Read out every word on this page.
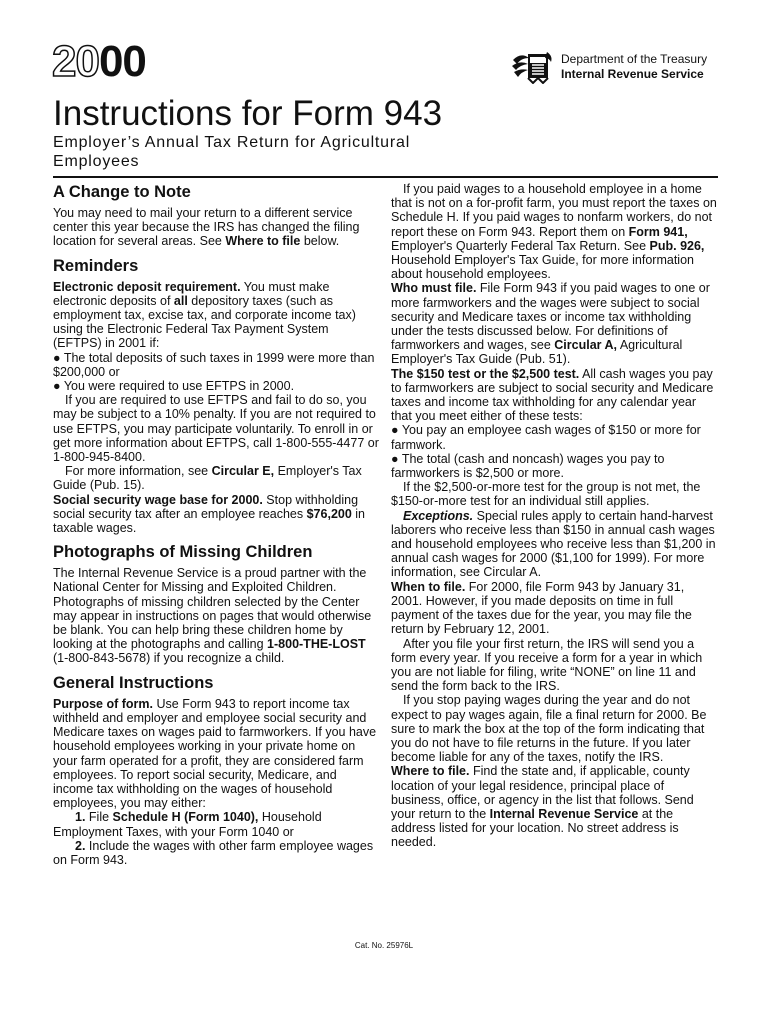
2000	Department of the Treasury
Internal Revenue Service
Instructions for Form 943
Employer’s Annual Tax Return for Agricultural Employees
A Change to Note

You may need to mail your return to a different service center this year because the IRS has changed the filing location for several areas. See Where to file below.

Reminders

Electronic deposit requirement. You must make electronic deposits of all depository taxes (such as employment tax, excise tax, and corporate income tax) using the Electronic Federal Tax Payment System (EFTPS) in 2001 if:

● The total deposits of such taxes in 1999 were more than $200,000 or

● You were required to use EFTPS in 2000.

If you are required to use EFTPS and fail to do so, you may be subject to a 10% penalty. If you are not required to use EFTPS, you may participate voluntarily. To enroll in or get more information about EFTPS, call 1-800-555-4477 or 1-800-945-8400.

For more information, see Circular E, Employer's Tax Guide (Pub. 15).

Social security wage base for 2000. Stop withholding social security tax after an employee reaches $76,200 in taxable wages.

Photographs of Missing Children

The Internal Revenue Service is a proud partner with the National Center for Missing and Exploited Children. Photographs of missing children selected by the Center may appear in instructions on pages that would otherwise be blank. You can help bring these children home by looking at the photographs and calling 1-800-THE-LOST (1-800-843-5678) if you recognize a child.

General Instructions

Purpose of form. Use Form 943 to report income tax withheld and employer and employee social security and Medicare taxes on wages paid to farmworkers. If you have household employees working in your private home on your farm operated for a profit, they are considered farm employees. To report social security, Medicare, and income tax withholding on the wages of household employees, you may either:

1. File Schedule H (Form 1040), Household Employment Taxes, with your Form 1040 or

2. Include the wages with other farm employee wages on Form 943.

If you paid wages to a household employee in a home that is not on a for-profit farm, you must report the taxes on Schedule H. If you paid wages to nonfarm workers, do not report these on Form 943. Report them on Form 941, Employer's Quarterly Federal Tax Return. See Pub. 926, Household Employer's Tax Guide, for more information about household employees.

Who must file. File Form 943 if you paid wages to one or more farmworkers and the wages were subject to social security and Medicare taxes or income tax withholding under the tests discussed below. For definitions of farmworkers and wages, see Circular A, Agricultural Employer's Tax Guide (Pub. 51).

The $150 test or the $2,500 test. All cash wages you pay to farmworkers are subject to social security and Medicare taxes and income tax withholding for any calendar year that you meet either of these tests:

● You pay an employee cash wages of $150 or more for farmwork.

● The total (cash and noncash) wages you pay to farmworkers is $2,500 or more.

If the $2,500-or-more test for the group is not met, the $150-or-more test for an individual still applies.

Exceptions. Special rules apply to certain hand-harvest laborers who receive less than $150 in annual cash wages and household employees who receive less than $1,200 in annual cash wages for 2000 ($1,100 for 1999). For more information, see Circular A.

When to file. For 2000, file Form 943 by January 31, 2001. However, if you made deposits on time in full payment of the taxes due for the year, you may file the return by February 12, 2001.

After you file your first return, the IRS will send you a form every year. If you receive a form for a year in which you are not liable for filing, write “NONE” on line 11 and send the form back to the IRS.

If you stop paying wages during the year and do not expect to pay wages again, file a final return for 2000. Be sure to mark the box at the top of the form indicating that you do not have to file returns in the future. If you later become liable for any of the taxes, notify the IRS.

Where to file. Find the state and, if applicable, county location of your legal residence, principal place of business, office, or agency in the list that follows. Send your return to the Internal Revenue Service at the address listed for your location. No street address is needed.

Cat. No. 25976L
